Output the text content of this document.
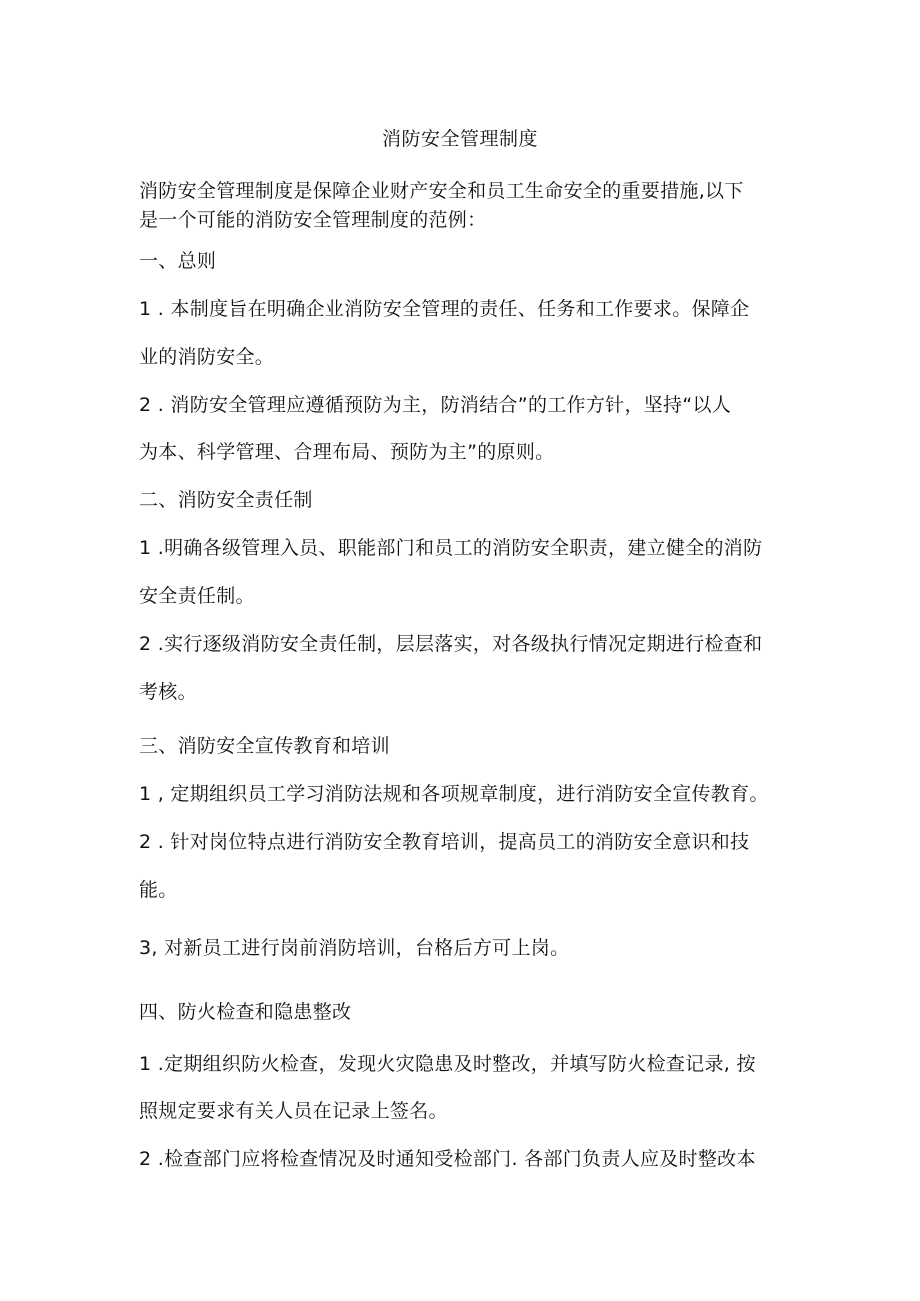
消防安全管理制度
消防安全管理制度是保障企业财产安全和员工生命安全的重要措施,以下
是一个可能的消防安全管理制度的范例：
一、总则
1 . 本制度旨在明确企业消防安全管理的责任、任务和工作要求。保障企
业的消防安全。
2 . 消防安全管理应遵循预防为主，防消结合”的工作方针，坚持“以人
为本、科学管理、合理布局、预防为主”的原则。
二、消防安全责任制
1 .明确各级管理入员、职能部门和员工的消防安全职责，建立健全的消防
安全责任制。
2 .实行逐级消防安全责任制，层层落实，对各级执行情况定期进行检查和
考核。
三、消防安全宣传教育和培训
1 , 定期组织员工学习消防法规和各项规章制度，进行消防安全宣传教育。
2 . 针对岗位特点进行消防安全教育培训，提高员工的消防安全意识和技
能。
3, 对新员工进行岗前消防培训，台格后方可上岗。
四、防火检查和隐患整改
1 .定期组织防火检查，发现火灾隐患及时整改，并填写防火检查记录, 按
照规定要求有关人员在记录上签名。
2 .检查部门应将检查情况及时通知受检部门. 各部门负责人应及时整改本
